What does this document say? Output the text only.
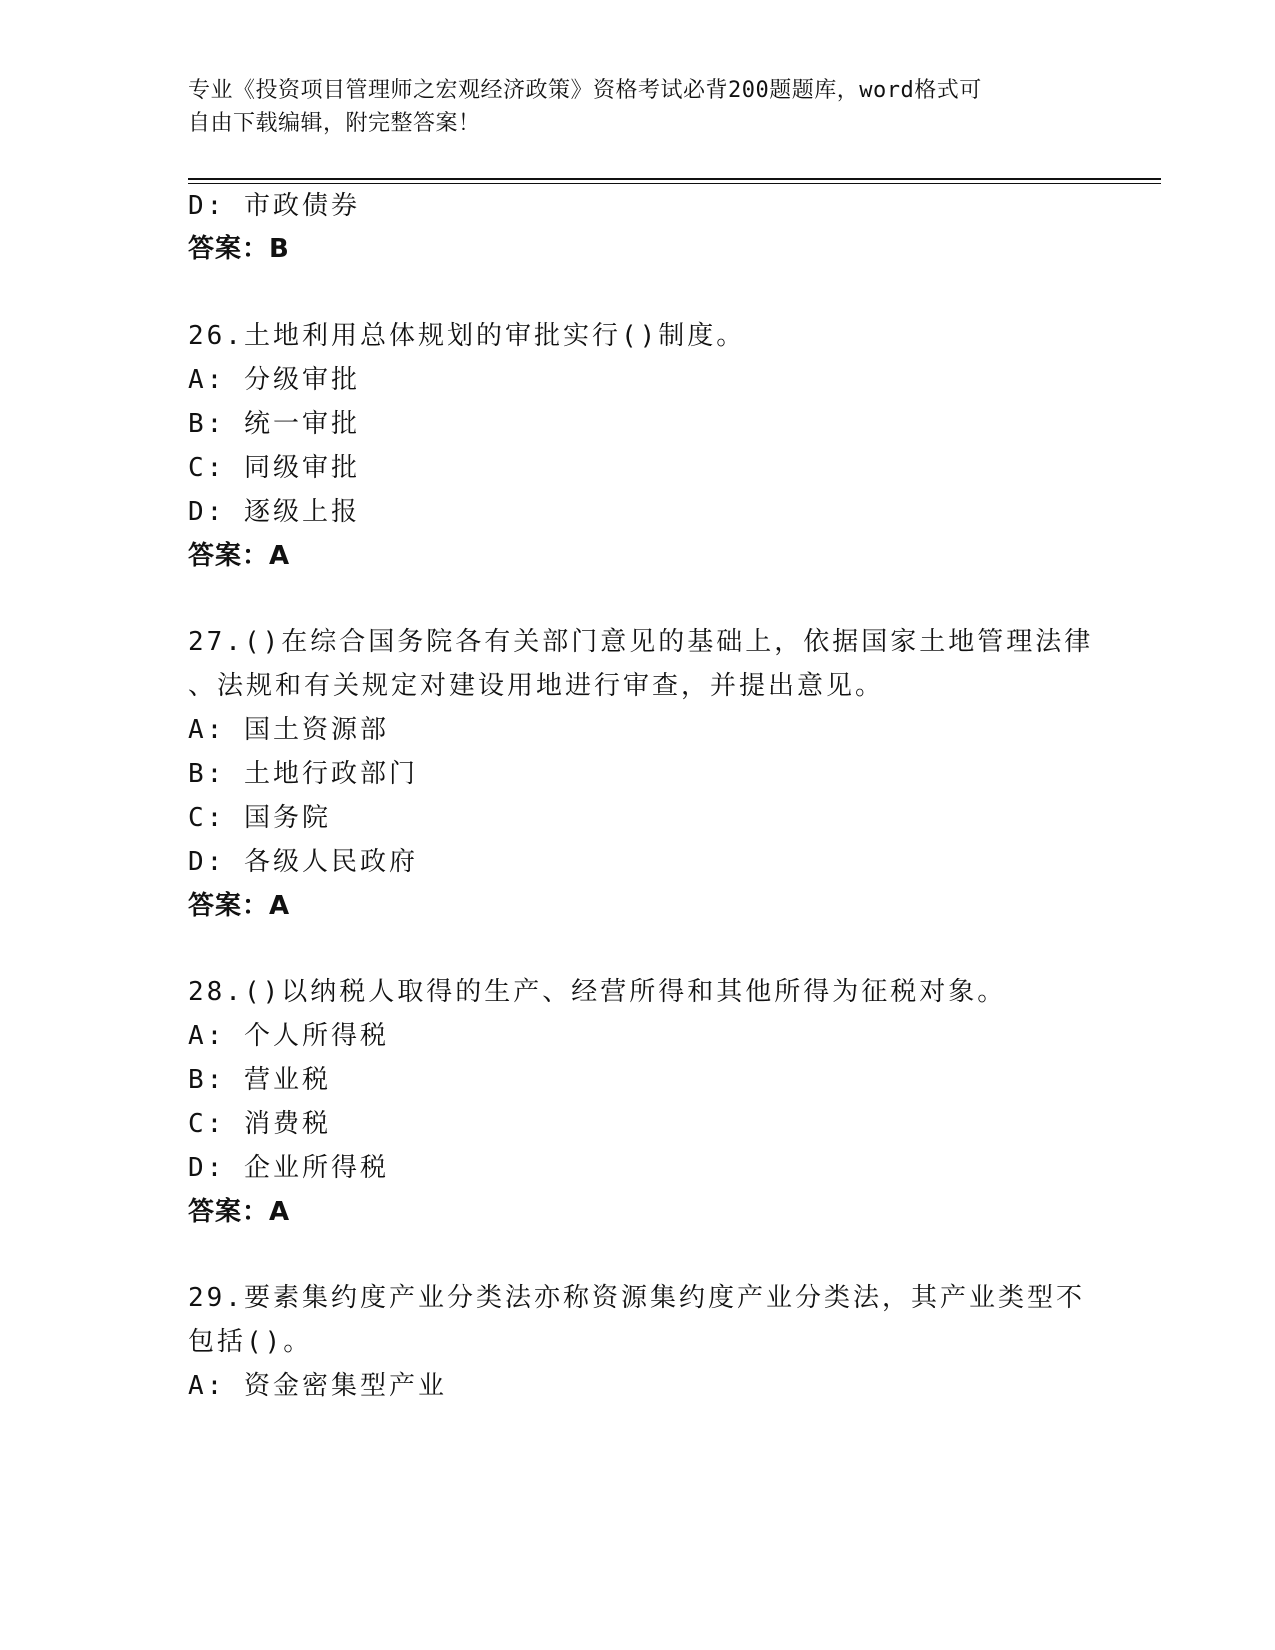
专业《投资项目管理师之宏观经济政策》资格考试必背200题题库，word格式可
自由下载编辑，附完整答案！
D: 市政债券
答案：B
26.土地利用总体规划的审批实行()制度。
A: 分级审批
B: 统一审批
C: 同级审批
D: 逐级上报
答案：A
27.()在综合国务院各有关部门意见的基础上，依据国家土地管理法律
、法规和有关规定对建设用地进行审查，并提出意见。
A: 国土资源部
B: 土地行政部门
C: 国务院
D: 各级人民政府
答案：A
28.()以纳税人取得的生产、经营所得和其他所得为征税对象。
A: 个人所得税
B: 营业税
C: 消费税
D: 企业所得税
答案：A
29.要素集约度产业分类法亦称资源集约度产业分类法，其产业类型不
包括()。
A: 资金密集型产业
